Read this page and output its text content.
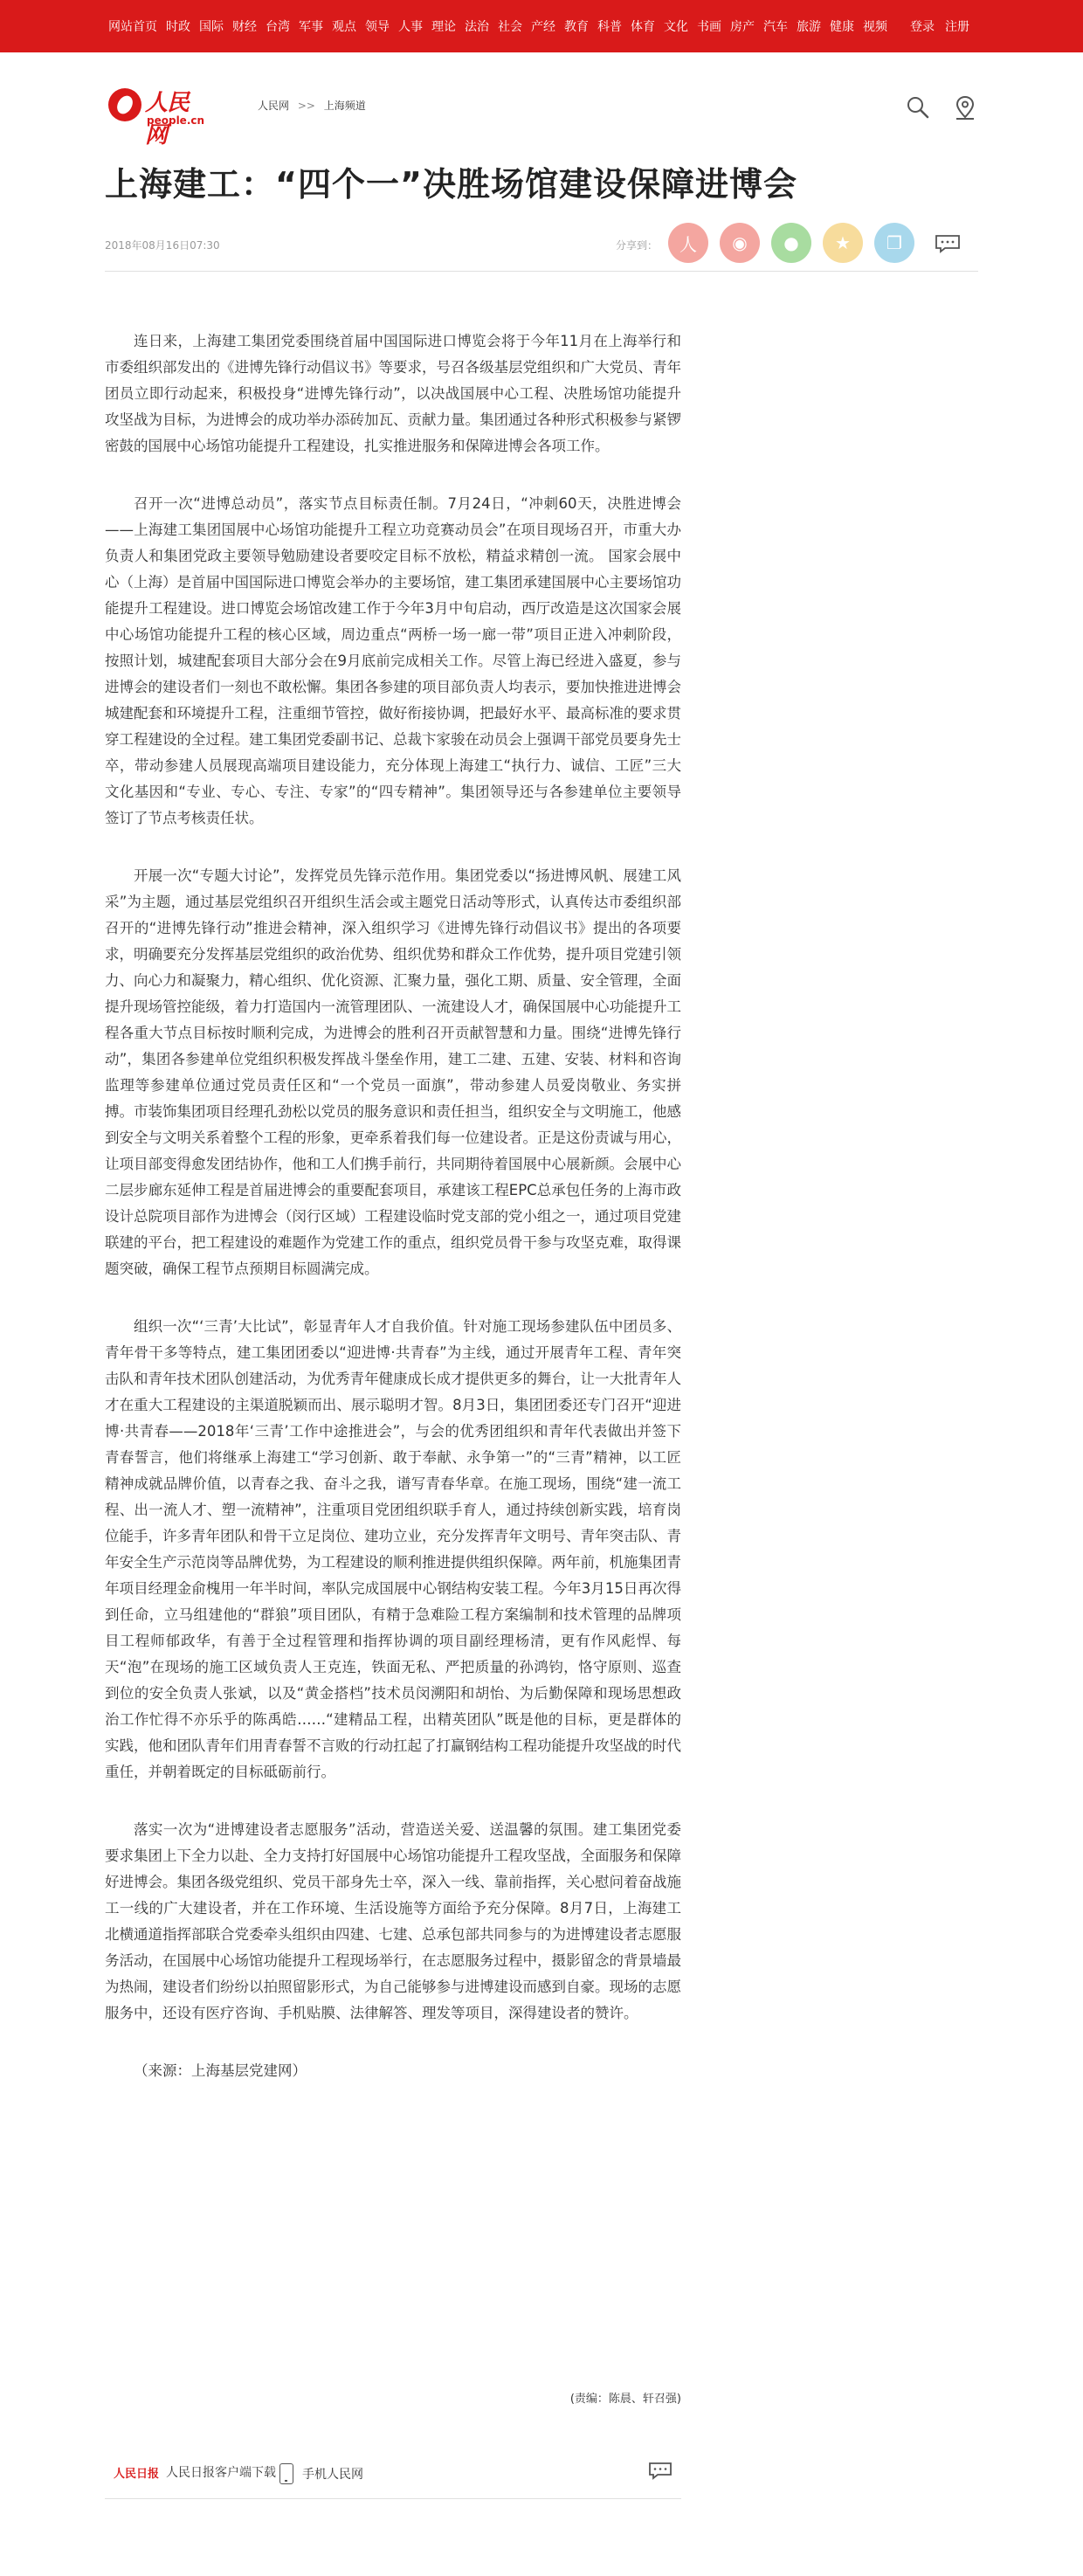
网站首页 时政 国际 财经 台湾 军事 观点 领导 人事 理论 法治 社会 产经 教育 科普 体育 文化 书画 房产 汽车 旅游 健康 视频 登录 注册
人民网
people.cn
人民网 >> 上海频道
上海建工：“四个一”决胜场馆建设保障进博会
2018年08月16日07:30	分享到：	人	◉	●	★	❐

连日来，上海建工集团党委围绕首届中国国际进口博览会将于今年11月在上海举行和市委组织部发出的《进博先锋行动倡议书》等要求，号召各级基层党组织和广大党员、青年团员立即行动起来，积极投身“进博先锋行动”，以决战国展中心工程、决胜场馆功能提升攻坚战为目标，为进博会的成功举办添砖加瓦、贡献力量。集团通过各种形式积极参与紧锣密鼓的国展中心场馆功能提升工程建设，扎实推进服务和保障进博会各项工作。

召开一次“进博总动员”，落实节点目标责任制。7月24日，“冲刺60天，决胜进博会——上海建工集团国展中心场馆功能提升工程立功竞赛动员会”在项目现场召开，市重大办负责人和集团党政主要领导勉励建设者要咬定目标不放松，精益求精创一流。 国家会展中心（上海）是首届中国国际进口博览会举办的主要场馆，建工集团承建国展中心主要场馆功能提升工程建设。进口博览会场馆改建工作于今年3月中旬启动，西厅改造是这次国家会展中心场馆功能提升工程的核心区域，周边重点“两桥一场一廊一带”项目正进入冲刺阶段，按照计划，城建配套项目大部分会在9月底前完成相关工作。尽管上海已经进入盛夏，参与进博会的建设者们一刻也不敢松懈。集团各参建的项目部负责人均表示，要加快推进进博会城建配套和环境提升工程，注重细节管控，做好衔接协调，把最好水平、最高标准的要求贯穿工程建设的全过程。建工集团党委副书记、总裁卞家骏在动员会上强调干部党员要身先士卒，带动参建人员展现高端项目建设能力，充分体现上海建工“执行力、诚信、工匠”三大文化基因和“专业、专心、专注、专家”的“四专精神”。集团领导还与各参建单位主要领导签订了节点考核责任状。

开展一次“专题大讨论”，发挥党员先锋示范作用。集团党委以“扬进博风帆、展建工风采”为主题，通过基层党组织召开组织生活会或主题党日活动等形式，认真传达市委组织部召开的“进博先锋行动”推进会精神，深入组织学习《进博先锋行动倡议书》提出的各项要求，明确要充分发挥基层党组织的政治优势、组织优势和群众工作优势，提升项目党建引领力、向心力和凝聚力，精心组织、优化资源、汇聚力量，强化工期、质量、安全管理，全面提升现场管控能级，着力打造国内一流管理团队、一流建设人才，确保国展中心功能提升工程各重大节点目标按时顺利完成，为进博会的胜利召开贡献智慧和力量。围绕“进博先锋行动”，集团各参建单位党组织积极发挥战斗堡垒作用，建工二建、五建、安装、材料和咨询监理等参建单位通过党员责任区和“一个党员一面旗”，带动参建人员爱岗敬业、务实拼搏。市装饰集团项目经理孔劲松以党员的服务意识和责任担当，组织安全与文明施工，他感到安全与文明关系着整个工程的形象，更牵系着我们每一位建设者。正是这份责诚与用心，让项目部变得愈发团结协作，他和工人们携手前行，共同期待着国展中心展新颜。会展中心二层步廊东延伸工程是首届进博会的重要配套项目，承建该工程EPC总承包任务的上海市政设计总院项目部作为进博会（闵行区域）工程建设临时党支部的党小组之一，通过项目党建联建的平台，把工程建设的难题作为党建工作的重点，组织党员骨干参与攻坚克难，取得课题突破，确保工程节点预期目标圆满完成。

组织一次“‘三青’大比试”，彰显青年人才自我价值。针对施工现场参建队伍中团员多、青年骨干多等特点，建工集团团委以“迎进博·共青春”为主线，通过开展青年工程、青年突击队和青年技术团队创建活动，为优秀青年健康成长成才提供更多的舞台，让一大批青年人才在重大工程建设的主渠道脱颖而出、展示聪明才智。8月3日，集团团委还专门召开“迎进博·共青春——2018年‘三青’工作中途推进会”，与会的优秀团组织和青年代表做出并签下青春誓言，他们将继承上海建工“学习创新、敢于奉献、永争第一”的“三青”精神，以工匠精神成就品牌价值，以青春之我、奋斗之我，谱写青春华章。在施工现场，围绕“建一流工程、出一流人才、塑一流精神”，注重项目党团组织联手育人，通过持续创新实践，培育岗位能手，许多青年团队和骨干立足岗位、建功立业，充分发挥青年文明号、青年突击队、青年安全生产示范岗等品牌优势，为工程建设的顺利推进提供组织保障。两年前，机施集团青年项目经理金俞槐用一年半时间，率队完成国展中心钢结构安装工程。今年3月15日再次得到任命，立马组建他的“群狼”项目团队，有精于急难险工程方案编制和技术管理的品牌项目工程师郁政华，有善于全过程管理和指挥协调的项目副经理杨清，更有作风彪悍、每天“泡”在现场的施工区域负责人王克连，铁面无私、严把质量的孙鸿钧，恪守原则、巡查到位的安全负责人张斌，以及“黄金搭档”技术员闵溯阳和胡怡、为后勤保障和现场思想政治工作忙得不亦乐乎的陈禹皓……“建精品工程，出精英团队”既是他的目标，更是群体的实践，他和团队青年们用青春誓不言败的行动扛起了打赢钢结构工程功能提升攻坚战的时代重任，并朝着既定的目标砥砺前行。

落实一次为“进博建设者志愿服务”活动，营造送关爱、送温馨的氛围。建工集团党委要求集团上下全力以赴、全力支持打好国展中心场馆功能提升工程攻坚战，全面服务和保障好进博会。集团各级党组织、党员干部身先士卒，深入一线、靠前指挥，关心慰问着奋战施工一线的广大建设者，并在工作环境、生活设施等方面给予充分保障。8月7日，上海建工北横通道指挥部联合党委牵头组织由四建、七建、总承包部共同参与的为进博建设者志愿服务活动，在国展中心场馆功能提升工程现场举行，在志愿服务过程中，摄影留念的背景墙最为热闹，建设者们纷纷以拍照留影形式，为自己能够参与进博建设而感到自豪。现场的志愿服务中，还设有医疗咨询、手机贴膜、法律解答、理发等项目，深得建设者的赞许。

（来源：上海基层党建网）

(责编：陈晨、轩召强)
人民日报 人民日报客户端下载 手机人民网
